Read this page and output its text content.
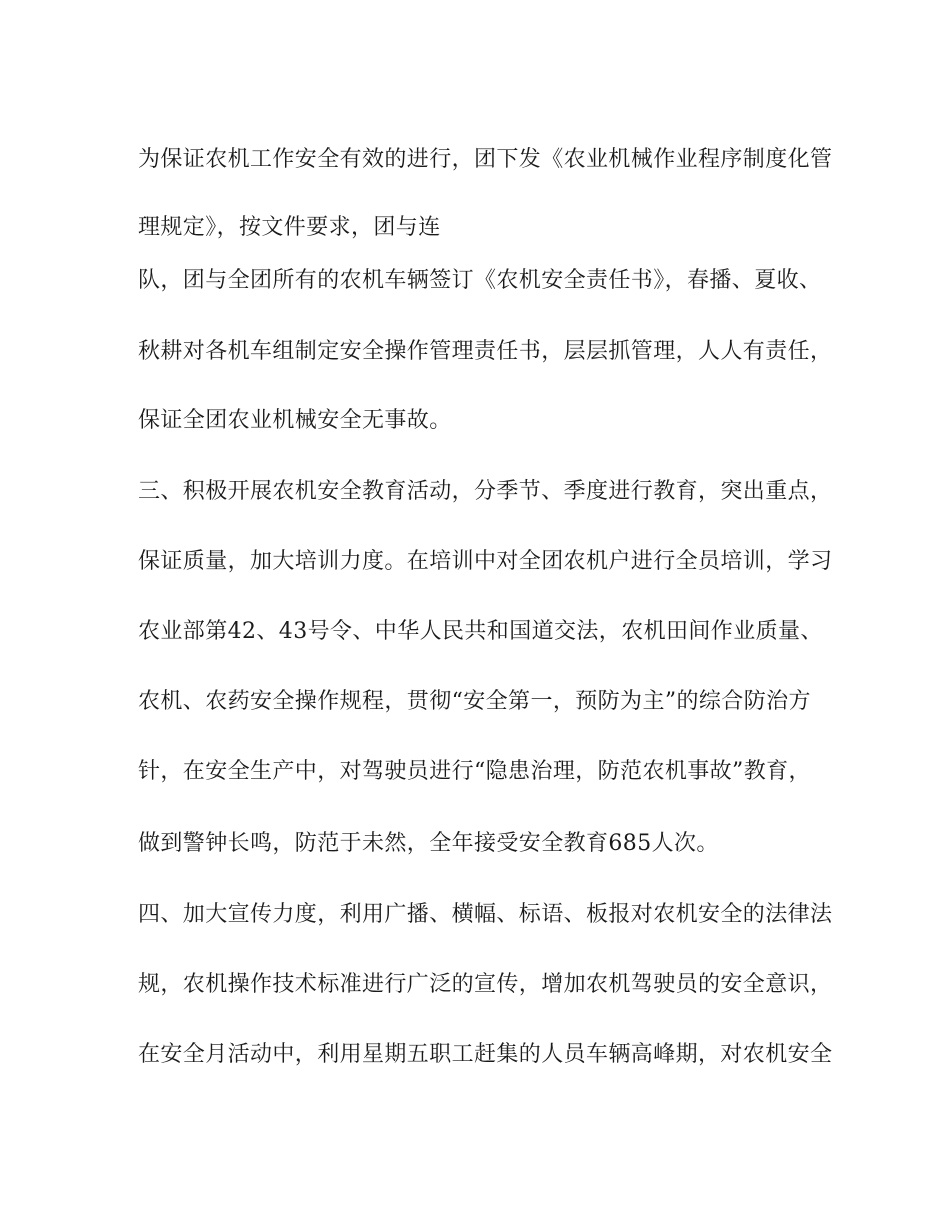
为保证农机工作安全有效的进行，团下发《农业机械作业程序制度化管

理规定》，按文件要求，团与连

队，团与全团所有的农机车辆签订《农机安全责任书》，春播、夏收、

秋耕对各机车组制定安全操作管理责任书，层层抓管理，人人有责任，

保证全团农业机械安全无事故。

三、积极开展农机安全教育活动，分季节、季度进行教育，突出重点，

保证质量，加大培训力度。在培训中对全团农机户进行全员培训，学习

农业部第42、43号令、中华人民共和国道交法，农机田间作业质量、

农机、农药安全操作规程，贯彻“安全第一，预防为主”的综合防治方

针，在安全生产中，对驾驶员进行“隐患治理，防范农机事故”教育，

做到警钟长鸣，防范于未然，全年接受安全教育685人次。

四、加大宣传力度，利用广播、横幅、标语、板报对农机安全的法律法

规，农机操作技术标准进行广泛的宣传，增加农机驾驶员的安全意识，

在安全月活动中，利用星期五职工赶集的人员车辆高峰期，对农机安全
